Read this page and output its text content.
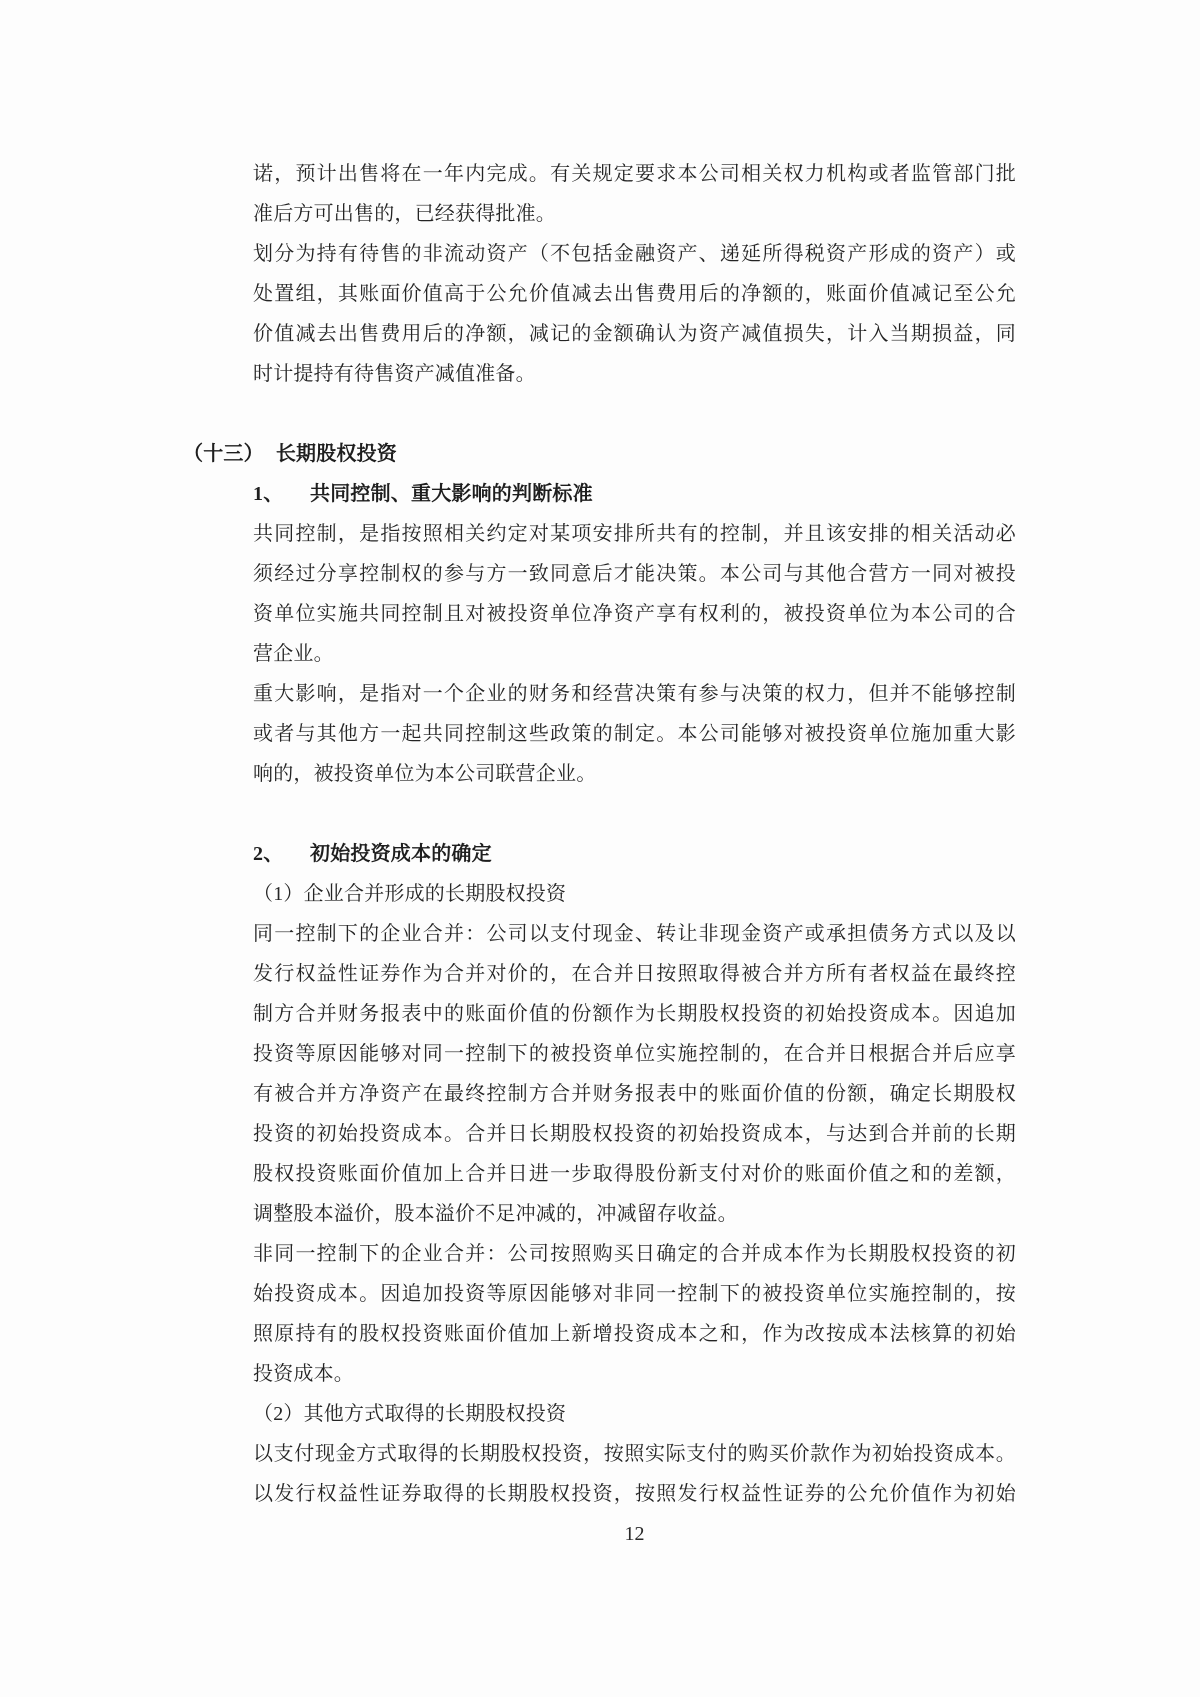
诺，预计出售将在一年内完成。有关规定要求本公司相关权力机构或者监管部门批
准后方可出售的，已经获得批准。
划分为持有待售的非流动资产（不包括金融资产、递延所得税资产形成的资产）或
处置组，其账面价值高于公允价值减去出售费用后的净额的，账面价值减记至公允
价值减去出售费用后的净额，减记的金额确认为资产减值损失，计入当期损益，同
时计提持有待售资产减值准备。
（十三） 长期股权投资
1、 共同控制、重大影响的判断标准
共同控制，是指按照相关约定对某项安排所共有的控制，并且该安排的相关活动必
须经过分享控制权的参与方一致同意后才能决策。本公司与其他合营方一同对被投
资单位实施共同控制且对被投资单位净资产享有权利的，被投资单位为本公司的合
营企业。
重大影响，是指对一个企业的财务和经营决策有参与决策的权力，但并不能够控制
或者与其他方一起共同控制这些政策的制定。本公司能够对被投资单位施加重大影
响的，被投资单位为本公司联营企业。
2、 初始投资成本的确定
（1）企业合并形成的长期股权投资
同一控制下的企业合并：公司以支付现金、转让非现金资产或承担债务方式以及以
发行权益性证券作为合并对价的，在合并日按照取得被合并方所有者权益在最终控
制方合并财务报表中的账面价值的份额作为长期股权投资的初始投资成本。因追加
投资等原因能够对同一控制下的被投资单位实施控制的，在合并日根据合并后应享
有被合并方净资产在最终控制方合并财务报表中的账面价值的份额，确定长期股权
投资的初始投资成本。合并日长期股权投资的初始投资成本，与达到合并前的长期
股权投资账面价值加上合并日进一步取得股份新支付对价的账面价值之和的差额，
调整股本溢价，股本溢价不足冲减的，冲减留存收益。
非同一控制下的企业合并：公司按照购买日确定的合并成本作为长期股权投资的初
始投资成本。因追加投资等原因能够对非同一控制下的被投资单位实施控制的，按
照原持有的股权投资账面价值加上新增投资成本之和，作为改按成本法核算的初始
投资成本。
（2）其他方式取得的长期股权投资
以支付现金方式取得的长期股权投资，按照实际支付的购买价款作为初始投资成本。
以发行权益性证券取得的长期股权投资，按照发行权益性证券的公允价值作为初始
12
